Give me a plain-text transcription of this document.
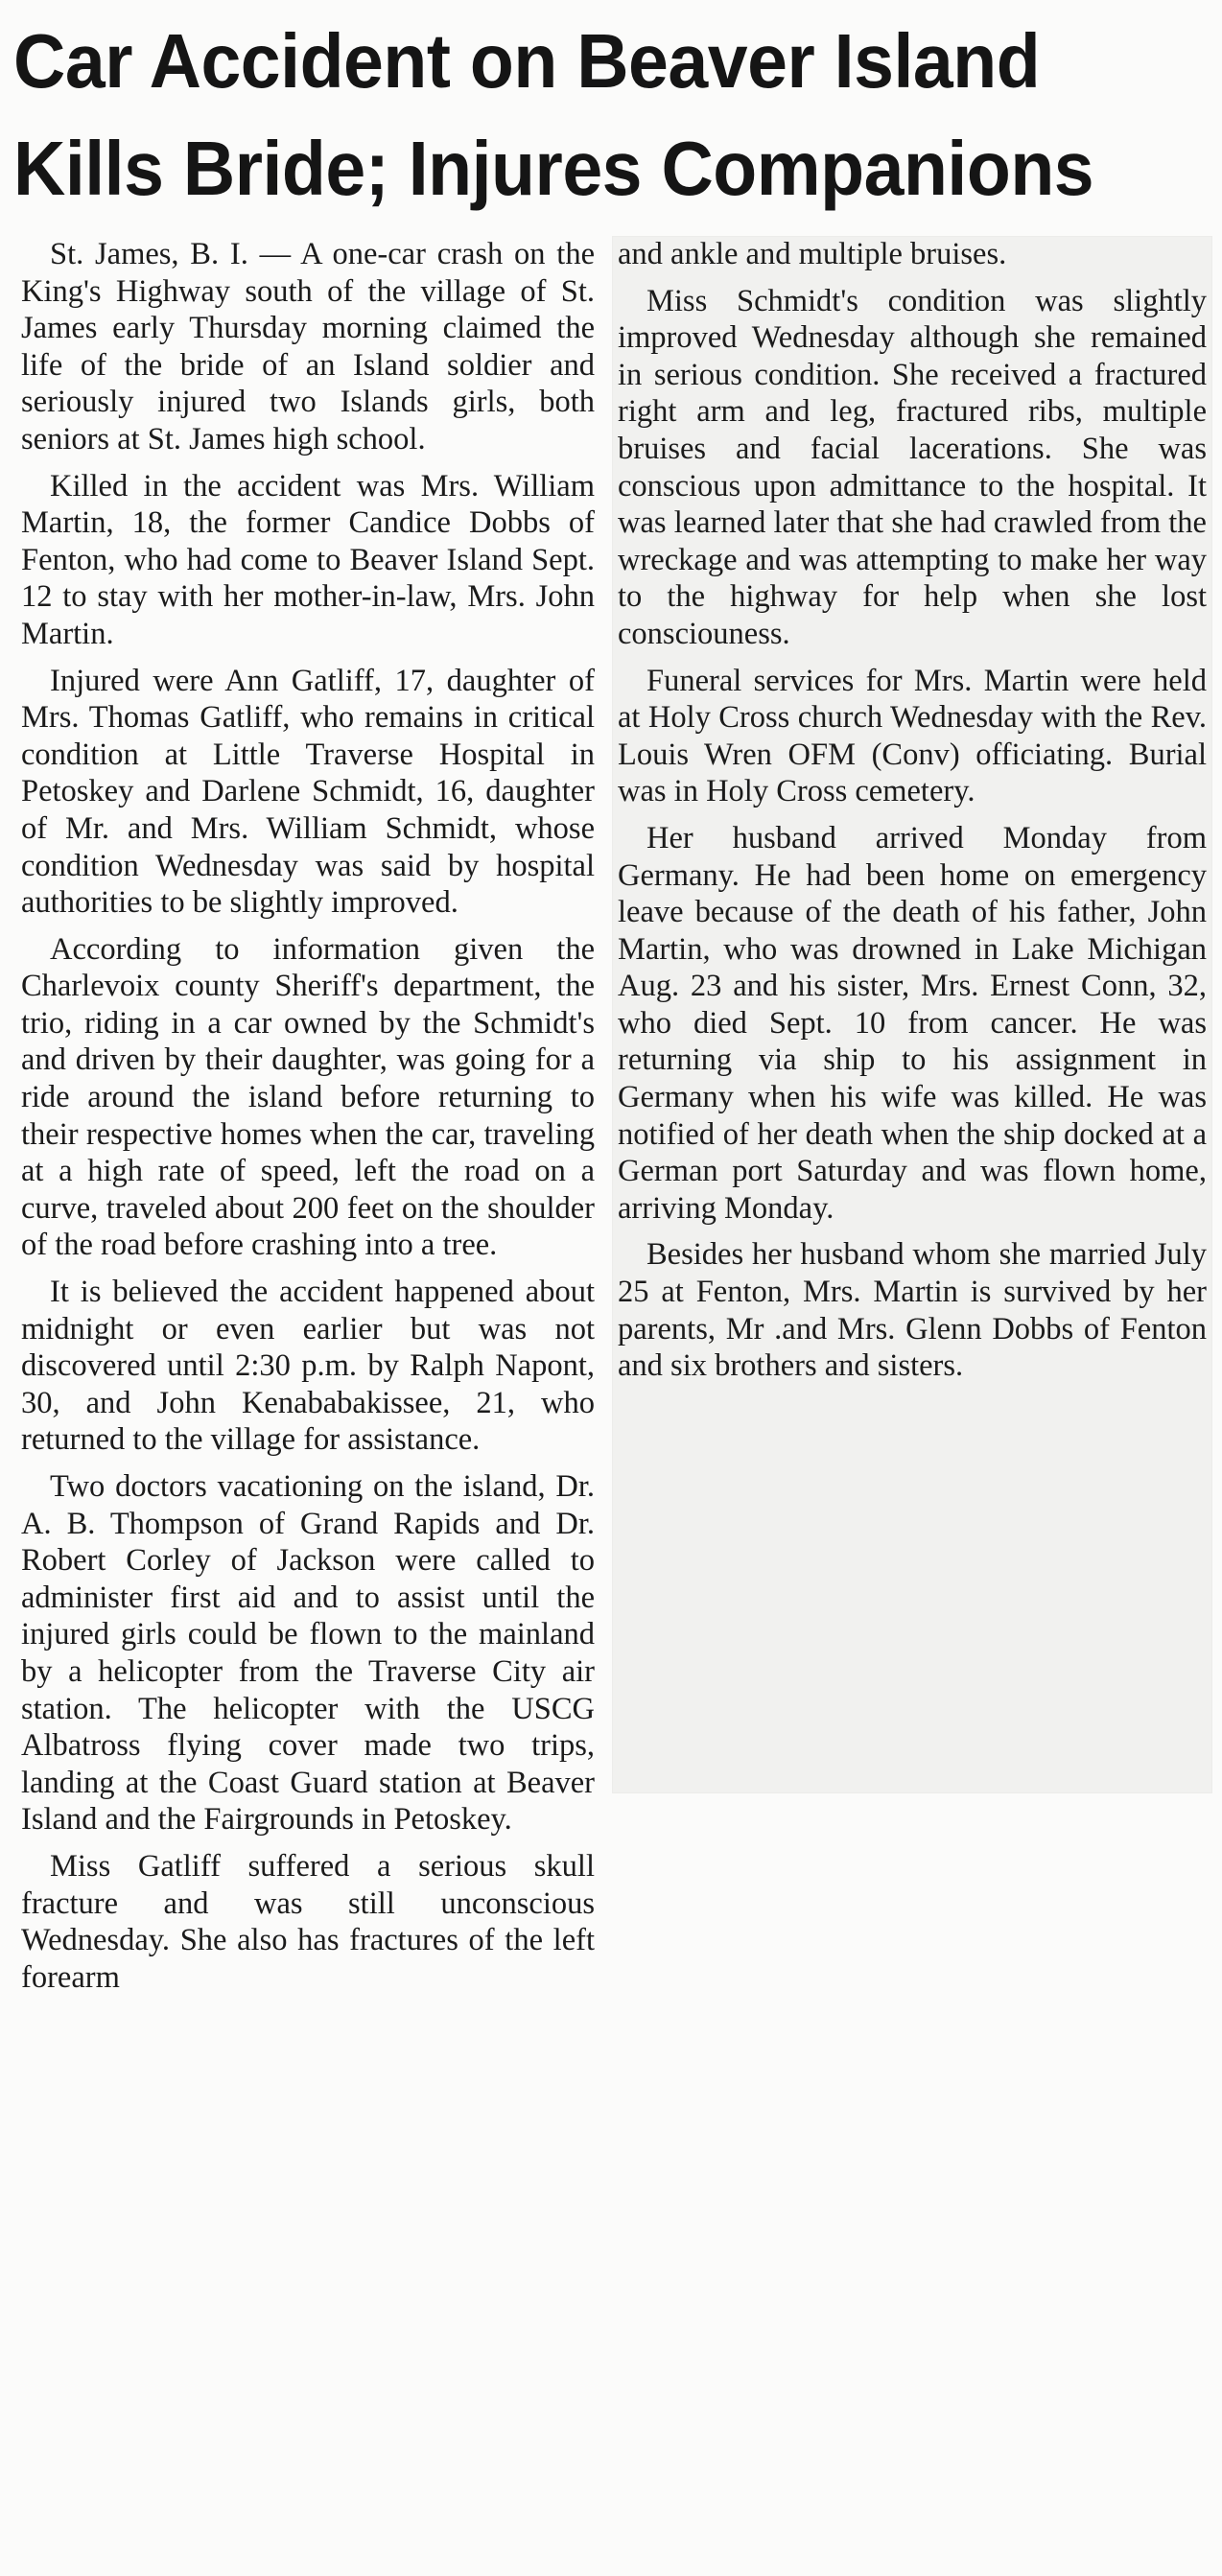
Car Accident on Beaver Island
Kills Bride; Injures Companions

St. James, B. I. — A one-car crash on the King's Highway south of the village of St. James early Thursday morning claimed the life of the bride of an Island soldier and seriously injured two Islands girls, both seniors at St. James high school.

Killed in the accident was Mrs. William Martin, 18, the former Candice Dobbs of Fenton, who had come to Beaver Island Sept. 12 to stay with her mother-in-law, Mrs. John Martin.

Injured were Ann Gatliff, 17, daughter of Mrs. Thomas Gatliff, who remains in critical condition at Little Traverse Hospital in Petoskey and Darlene Schmidt, 16, daughter of Mr. and Mrs. William Schmidt, whose condition Wednesday was said by hospital authorities to be slightly improved.

According to information given the Charlevoix county Sheriff's department, the trio, riding in a car owned by the Schmidt's and driven by their daughter, was going for a ride around the island before returning to their respective homes when the car, traveling at a high rate of speed, left the road on a curve, traveled about 200 feet on the shoulder of the road before crashing into a tree.

It is believed the accident happened about midnight or even earlier but was not discovered until 2:30 p.m. by Ralph Napont, 30, and John Kenababakissee, 21, who returned to the village for assistance.

Two doctors vacationing on the island, Dr. A. B. Thompson of Grand Rapids and Dr. Robert Corley of Jackson were called to administer first aid and to assist until the injured girls could be flown to the mainland by a helicopter from the Traverse City air station. The helicopter with the USCG Albatross flying cover made two trips, landing at the Coast Guard station at Beaver Island and the Fairgrounds in Petoskey.

Miss Gatliff suffered a serious skull fracture and was still unconscious Wednesday. She also has fractures of the left forearm

and ankle and multiple bruises.

Miss Schmidt's condition was slightly improved Wednesday although she remained in serious condition. She received a fractured right arm and leg, fractured ribs, multiple bruises and facial lacerations. She was conscious upon admittance to the hospital. It was learned later that she had crawled from the wreckage and was attempting to make her way to the highway for help when she lost consciouness.

Funeral services for Mrs. Martin were held at Holy Cross church Wednesday with the Rev. Louis Wren OFM (Conv) officiating. Burial was in Holy Cross cemetery.

Her husband arrived Monday from Germany. He had been home on emergency leave because of the death of his father, John Martin, who was drowned in Lake Michigan Aug. 23 and his sister, Mrs. Ernest Conn, 32, who died Sept. 10 from cancer. He was returning via ship to his assignment in Germany when his wife was killed. He was notified of her death when the ship docked at a German port Saturday and was flown home, arriving Monday.

Besides her husband whom she married July 25 at Fenton, Mrs. Martin is survived by her parents, Mr .and Mrs. Glenn Dobbs of Fenton and six brothers and sisters.
